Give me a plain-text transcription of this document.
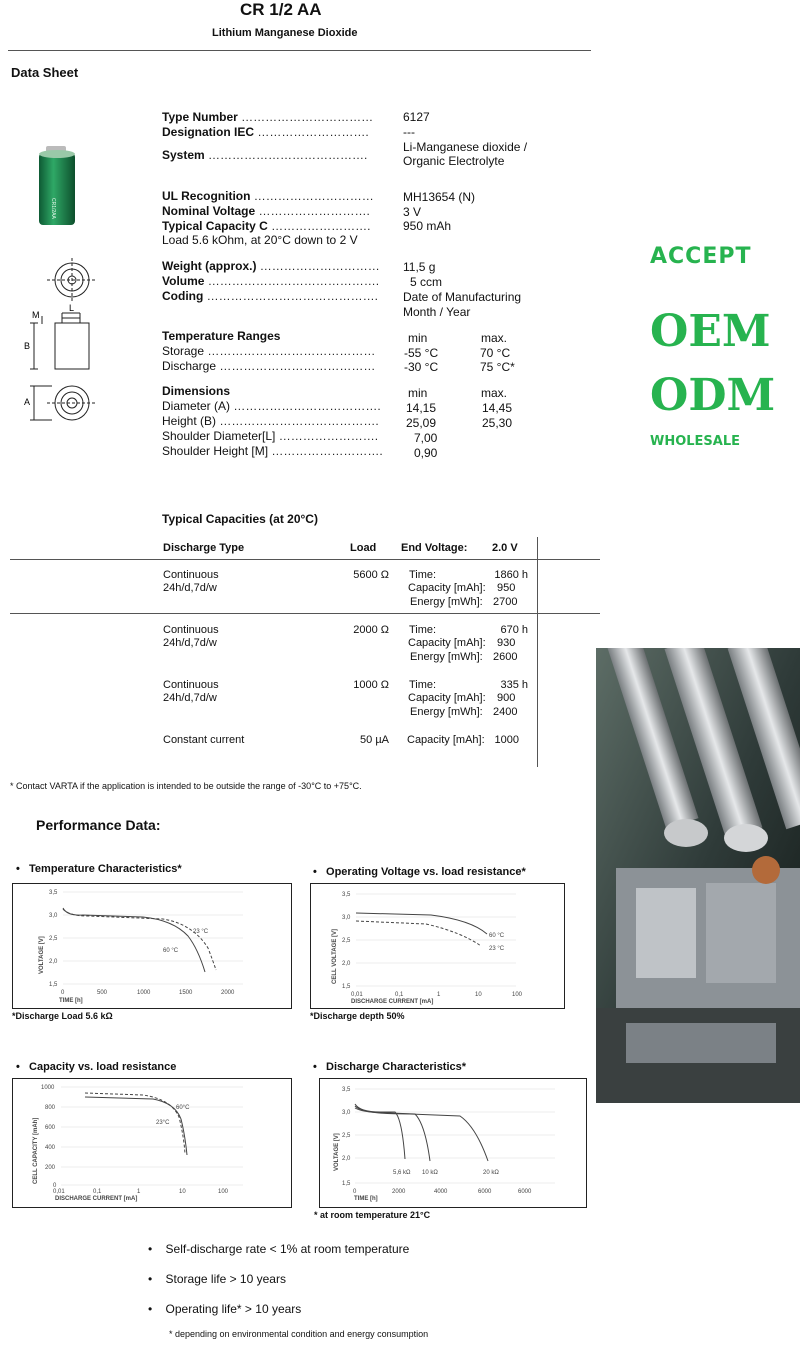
CR 1/2 AA
Lithium Manganese Dioxide
Data Sheet
CR1/2AA
L
M
B
A
Type Number …………………………… 6127
Designation IEC ……………………….	---
System ………………………………….
Li-Manganese dioxide /
Organic Electrolyte
UL Recognition ………………………… MH13654 (N)
Nominal Voltage ……………………….	3 V
Typical Capacity C …………………….	950 mAh
Load 5.6 kOhm, at 20°C down to 2 V
Weight (approx.) ………………………… 11,5 g
Volume …………………………………….	5 ccm
Coding ……………………………………. Date of Manufacturing
Month / Year
Temperature Ranges	min	max.
Storage …………………………………… -55 °C	70 °C
Discharge ………………………………… -30 °C	75 °C*
Dimensions	min	max.
Diameter (A) ………………………………. 14,15	14,45
Height (B) …………………………………. 25,09	25,30
Shoulder Diameter[L] …………………….	7,00
Shoulder Height [M] ……………………….	0,90
ACCEPT
OEM
ODM
WHOLESALE
Typical Capacities (at 20°C)
Discharge Type	Load End Voltage: 2.0 V
Continuous
24h/d,7d/w
5600 Ω Time:	1860 h
Capacity [mAh]: 950
Energy [mWh]: 2700
Continuous
24h/d,7d/w
2000 Ω Time:	670 h
Capacity [mAh]: 930
Energy [mWh]: 2600
Continuous
24h/d,7d/w
1000 Ω Time:	335 h
Capacity [mAh]: 900
Energy [mWh]: 2400
Constant current	50 µA Capacity [mAh]: 1000
* Contact VARTA if the application is intended to be outside the range of -30°C to +75°C.
Performance Data:
•   Temperature Characteristics*
3,5
3,0
2,5
2,0
1,5
0	500	1000	1500	2000
TIME [h]
VOLTAGE [V]
23 °C
60 °C
*Discharge Load 5.6 kΩ
•   Operating Voltage vs. load resistance*
3,5
3,0
2,5
2,0
1,5
0,01	0,1	1	10	100
DISCHARGE CURRENT [mA]
CELL VOLTAGE [V]	60 °C
23 °C
*Discharge depth 50%
•   Capacity vs. load resistance
1000
800
600
400
200
0
0,01	0,1	1	10	100
DISCHARGE CURRENT [mA]
CELL CAPACITY [mAh]
60°C
23°C
•   Discharge Characteristics*
3,5
3,0
2,5
2,0
1,5
0	2000	4000	6000	6000
TIME [h]
VOLTAGE [V]
5,6 kΩ 10 kΩ	20 kΩ
* at room temperature 21°C
•    Self-discharge rate < 1% at room temperature
•    Storage life > 10 years
•    Operating life* > 10 years
* depending on environmental condition and energy consumption
